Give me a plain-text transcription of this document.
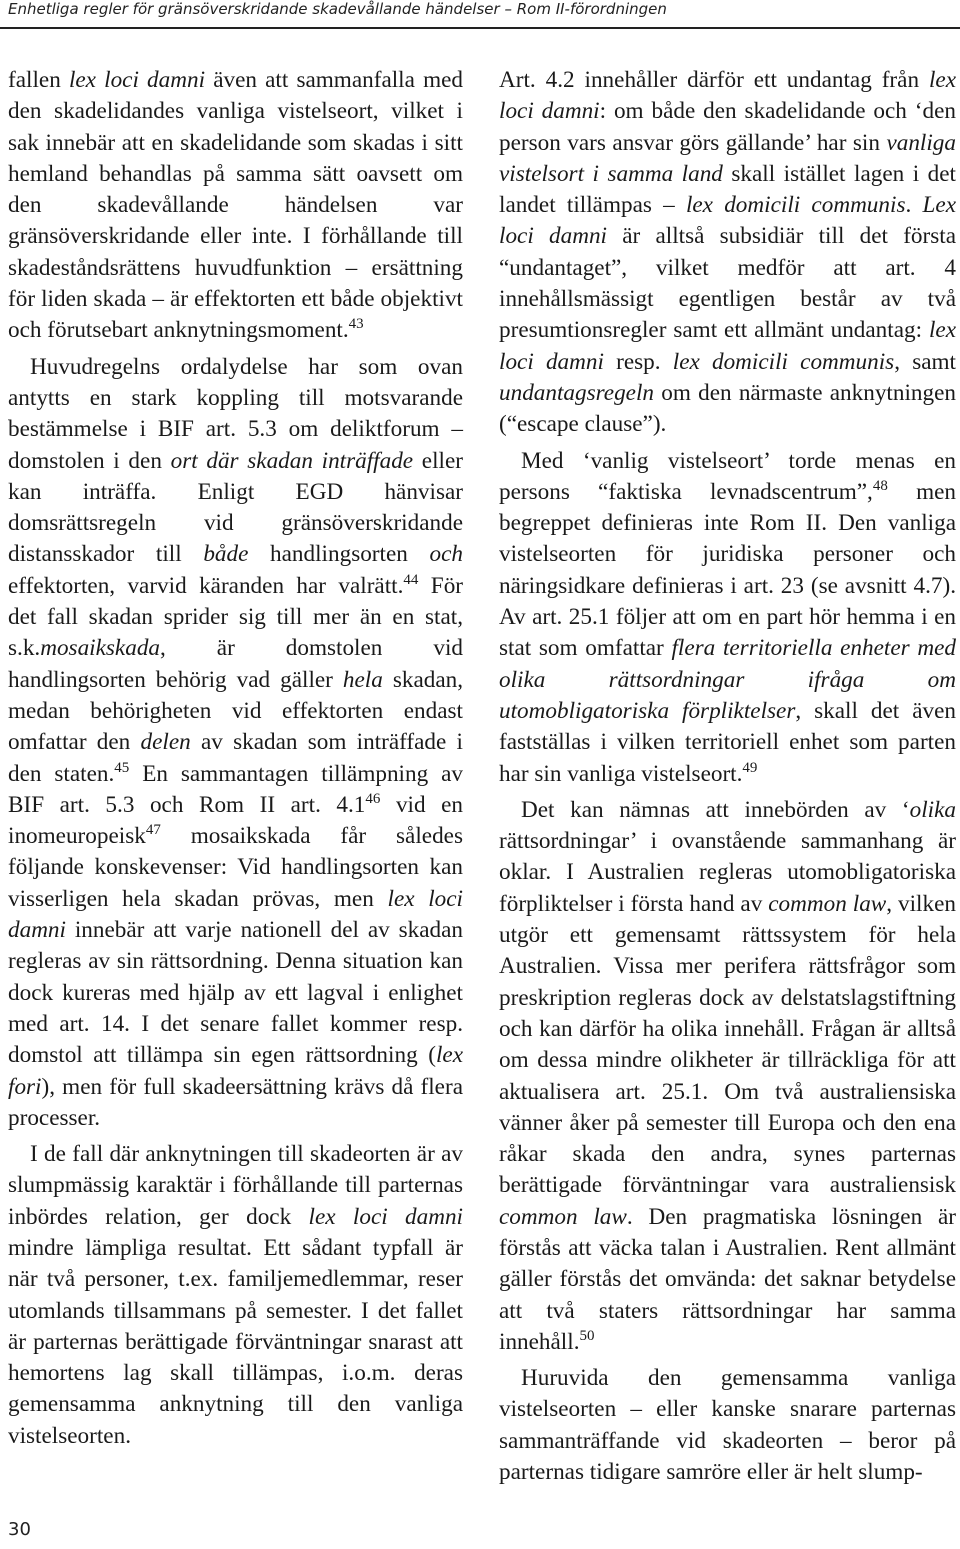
Enhetliga regler för gränsöverskridande skadevållande händelser – Rom II-förordningen

fallen lex loci damni även att sammanfalla med den skadelidandes vanliga vistelseort, vilket i sak innebär att en skadelidande som skadas i sitt hemland behandlas på samma sätt oavsett om den skadevållande händelsen var gränsöverskridande eller inte. I förhållande till skadeståndsrättens huvudfunktion – ersättning för liden skada – är effektorten ett både objektivt och förutsebart anknytningsmoment.$^{43}$

Huvudregelns ordalydelse har som ovan antytts en stark koppling till motsvarande bestämmelse i BIF art. 5.3 om deliktforum – domstolen i den ort där skadan inträffade eller kan inträffa. Enligt EGD hänvisar domsrättsregeln vid gränsöverskridande distansskador till både handlingsorten och effektorten, varvid käranden har valrätt.$^{44}$ För det fall skadan sprider sig till mer än en stat, s.k.mosaikskada, är domstolen vid handlingsorten behörig vad gäller hela skadan, medan behörigheten vid effektorten endast omfattar den delen av skadan som inträffade i den staten.$^{45}$ En sammantagen tillämpning av BIF art. 5.3 och Rom II art. $4.1^{46}$ vid en inomeuropeisk$^{47}$ mosaikskada får således följande konskevenser: Vid handlingsorten kan visserligen hela skadan prövas, men lex loci damni innebär att varje nationell del av skadan regleras av sin rättsordning. Denna situation kan dock kureras med hjälp av ett lagval i enlighet med art. 14. I det senare fallet kommer resp. domstol att tillämpa sin egen rättsordning (lex fori), men för full skadeersättning krävs då flera processer.

I de fall där anknytningen till skadeorten är av slumpmässig karaktär i förhållande till parternas inbördes relation, ger dock lex loci damni mindre lämpliga resultat. Ett sådant typfall är när två personer, t.ex. familjemedlemmar, reser utomlands tillsammans på semester. I det fallet är parternas berättigade förväntningar snarast att hemortens lag skall tillämpas, i.o.m. deras gemensamma anknytning till den vanliga vistelseorten.

Art. 4.2 innehåller därför ett undantag från lex loci damni: om både den skadelidande och ‘den person vars ansvar görs gällande’ har sin vanliga vistelsort i samma land skall istället lagen i det landet tillämpas – lex domicili communis. Lex loci damni är alltså subsidiär till det första “undantaget”, vilket medför att art. 4 innehållsmässigt egentligen består av två presumtionsregler samt ett allmänt undantag: lex loci damni resp. lex domicili communis, samt undantagsregeln om den närmaste anknytningen (“escape clause”).

Med ‘vanlig vistelseort’ torde menas en persons “faktiska levnadscentrum”,$^{48}$ men begreppet definieras inte Rom II. Den vanliga vistelseorten för juridiska personer och näringsidkare definieras i art. 23 (se avsnitt 4.7). Av art. 25.1 följer att om en part hör hemma i en stat som omfattar flera territoriella enheter med olika rättsordningar ifråga om utomobligatoriska förpliktelser, skall det även fastställas i vilken territoriell enhet som parten har sin vanliga vistelseort.$^{49}$

Det kan nämnas att innebörden av ‘olika rättsordningar’ i ovanstående sammanhang är oklar. I Australien regleras utomobligatoriska förpliktelser i första hand av common law, vilken utgör ett gemensamt rättssystem för hela Australien. Vissa mer perifera rättsfrågor som preskription regleras dock av delstatslagstiftning och kan därför ha olika innehåll. Frågan är alltså om dessa mindre olikheter är tillräckliga för att aktualisera art. 25.1. Om två australiensiska vänner åker på semester till Europa och den ena råkar skada den andra, synes parternas berättigade förväntningar vara australiensisk common law. Den pragmatiska lösningen är förstås att väcka talan i Australien. Rent allmänt gäller förstås det omvända: det saknar betydelse att två staters rättsordningar har samma innehåll.$^{50}$

Huruvida den gemensamma vanliga vistelseorten – eller kanske snarare parternas sammanträffande vid skadeorten – beror på parternas tidigare samröre eller är helt slump-

30
